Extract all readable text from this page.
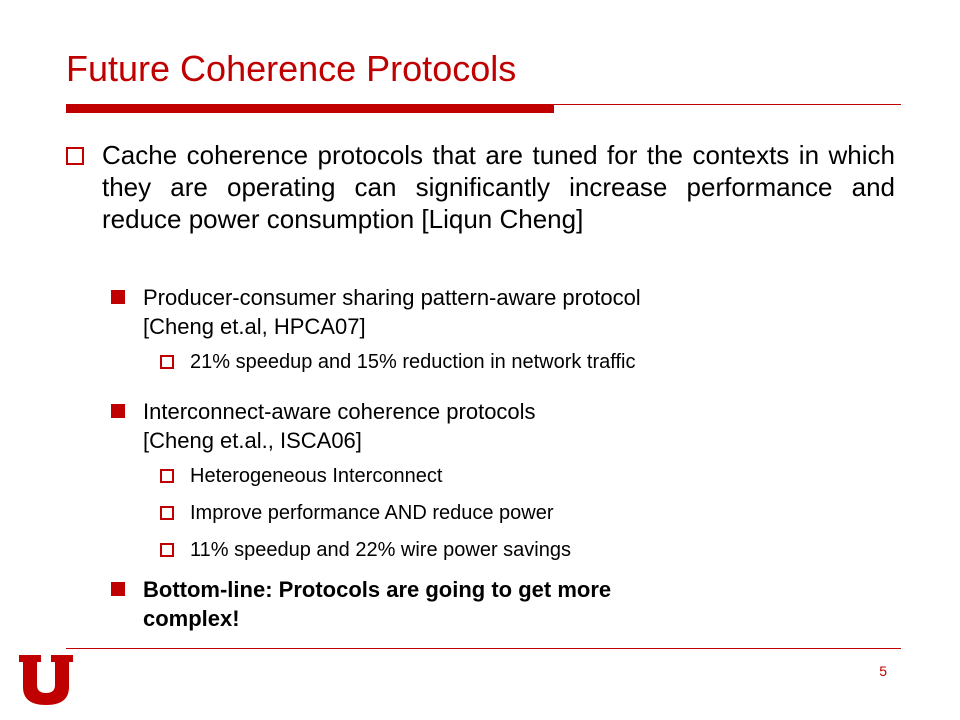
Future Coherence Protocols
Cache coherence protocols that are tuned for the contexts in which they are operating can significantly increase performance and reduce power consumption [Liqun Cheng]
Producer-consumer sharing pattern-aware protocol
[Cheng et.al, HPCA07]
21% speedup and 15% reduction in network traffic
Interconnect-aware coherence protocols
[Cheng et.al., ISCA06]
Heterogeneous Interconnect
Improve performance AND reduce power
11% speedup and 22% wire power savings
Bottom-line: Protocols are going to get more
complex!
5
